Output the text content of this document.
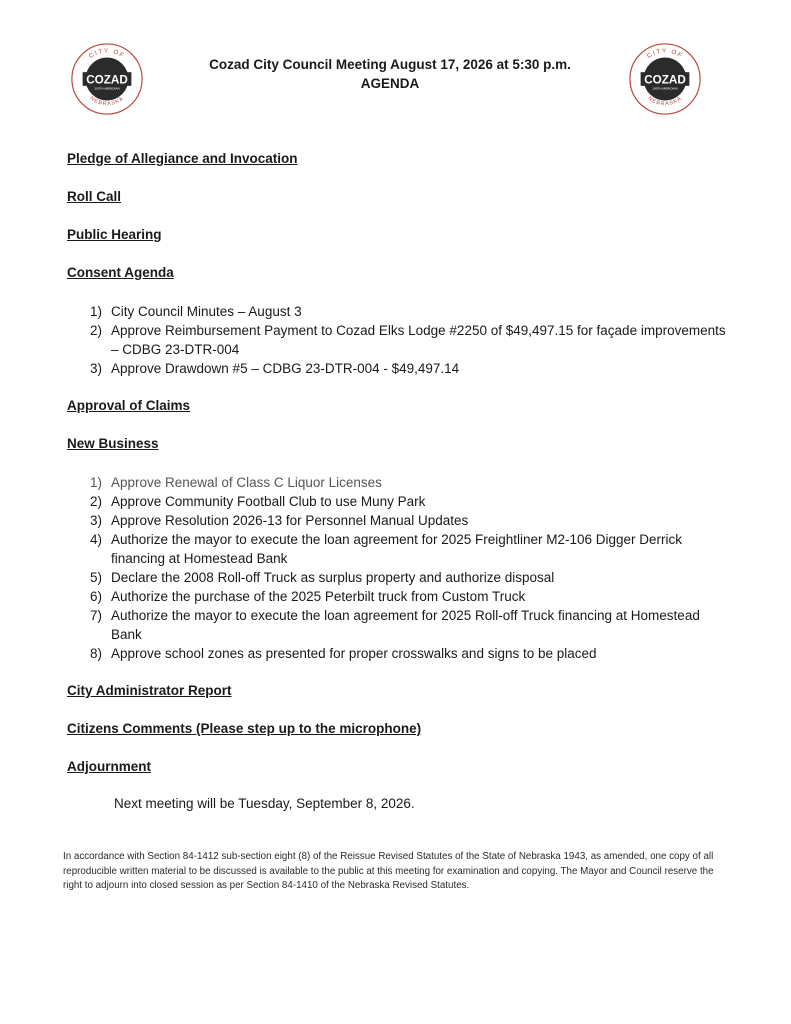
CITY OF
COZAD
100TH MERIDIAN
NEBRASKA
CITY OF
COZAD
100TH MERIDIAN
NEBRASKA
Cozad City Council Meeting August 17, 2026 at 5:30 p.m.
AGENDA
Pledge of Allegiance and Invocation
Roll Call
Public Hearing
Consent Agenda
1) City Council Minutes – August 3
2) Approve Reimbursement Payment to Cozad Elks Lodge #2250 of $49,497.15 for façade improvements – CDBG 23-DTR-004
3) Approve Drawdown #5 – CDBG 23-DTR-004 - $49,497.14
Approval of Claims
New Business
1) Approve Renewal of Class C Liquor Licenses
2) Approve Community Football Club to use Muny Park
3) Approve Resolution 2026-13 for Personnel Manual Updates
4) Authorize the mayor to execute the loan agreement for 2025 Freightliner M2-106 Digger Derrick financing at Homestead Bank
5) Declare the 2008 Roll-off Truck as surplus property and authorize disposal
6) Authorize the purchase of the 2025 Peterbilt truck from Custom Truck
7) Authorize the mayor to execute the loan agreement for 2025 Roll-off Truck financing at Homestead Bank
8) Approve school zones as presented for proper crosswalks and signs to be placed
City Administrator Report
Citizens Comments (Please step up to the microphone)
Adjournment
Next meeting will be Tuesday, September 8, 2026.
In accordance with Section 84-1412 sub-section eight (8) of the Reissue Revised Statutes of the State of Nebraska 1943, as amended, one copy of all reproducible written material to be discussed is available to the public at this meeting for examination and copying. The Mayor and Council reserve the right to adjourn into closed session as per Section 84-1410 of the Nebraska Revised Statutes.
